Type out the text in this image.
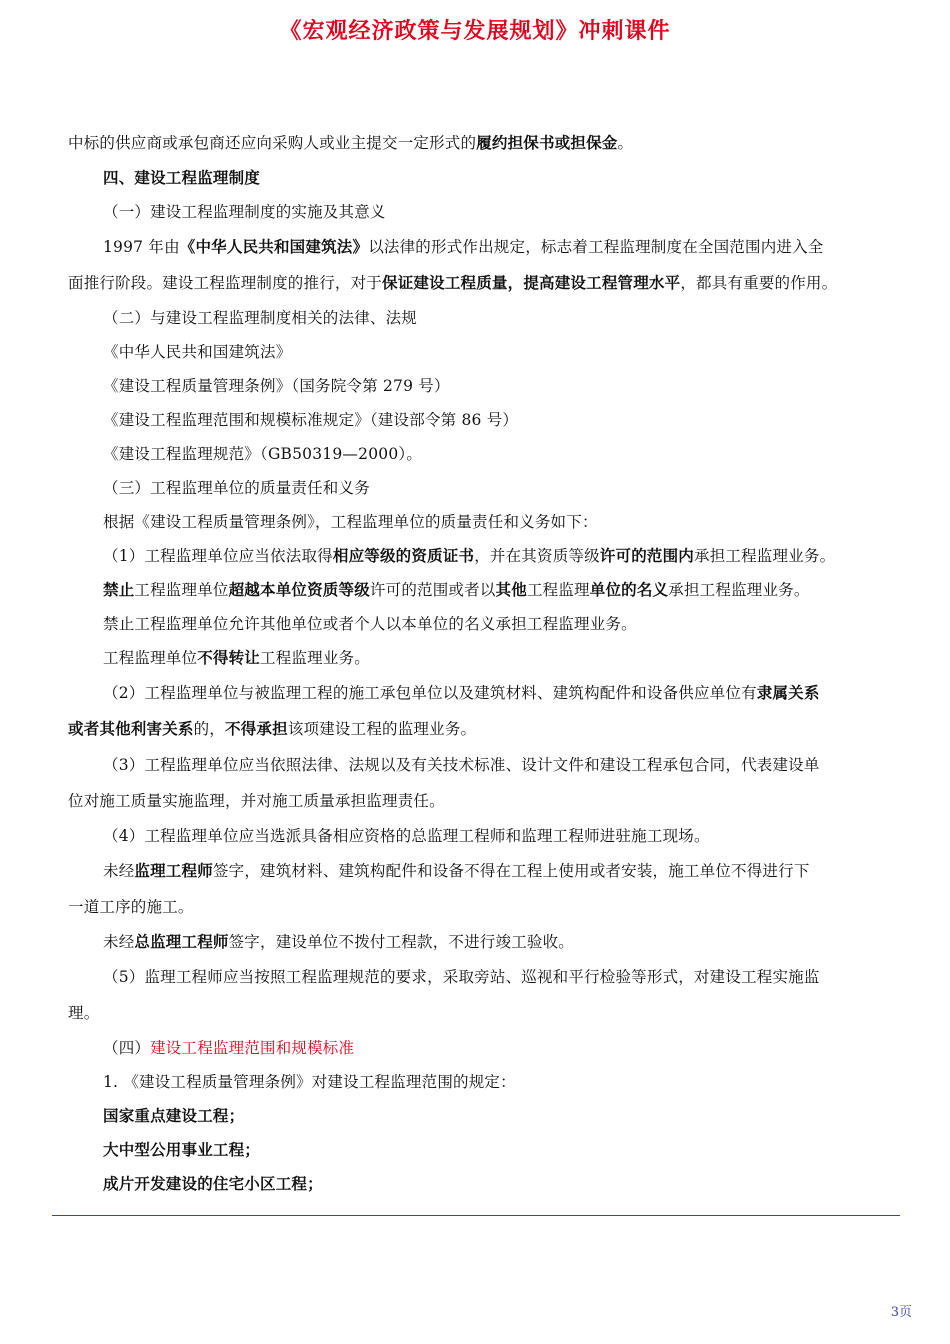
《宏观经济政策与发展规划》冲刺课件
中标的供应商或承包商还应向采购人或业主提交一定形式的履约担保书或担保金。
四、建设工程监理制度
（一）建设工程监理制度的实施及其意义
1997 年由《中华人民共和国建筑法》以法律的形式作出规定，标志着工程监理制度在全国范围内进入全
面推行阶段。建设工程监理制度的推行，对于保证建设工程质量，提高建设工程管理水平，都具有重要的作用。
（二）与建设工程监理制度相关的法律、法规
《中华人民共和国建筑法》
《建设工程质量管理条例》（国务院令第 279 号）
《建设工程监理范围和规模标准规定》（建设部令第 86 号）
《建设工程监理规范》（GB50319—2000）。
（三）工程监理单位的质量责任和义务
根据《建设工程质量管理条例》，工程监理单位的质量责任和义务如下：
（1）工程监理单位应当依法取得相应等级的资质证书，并在其资质等级许可的范围内承担工程监理业务。
禁止工程监理单位超越本单位资质等级许可的范围或者以其他工程监理单位的名义承担工程监理业务。
禁止工程监理单位允许其他单位或者个人以本单位的名义承担工程监理业务。
工程监理单位不得转让工程监理业务。
（2）工程监理单位与被监理工程的施工承包单位以及建筑材料、建筑构配件和设备供应单位有隶属关系
或者其他利害关系的，不得承担该项建设工程的监理业务。
（3）工程监理单位应当依照法律、法规以及有关技术标准、设计文件和建设工程承包合同，代表建设单
位对施工质量实施监理，并对施工质量承担监理责任。
（4）工程监理单位应当选派具备相应资格的总监理工程师和监理工程师进驻施工现场。
未经监理工程师签字，建筑材料、建筑构配件和设备不得在工程上使用或者安装，施工单位不得进行下
一道工序的施工。
未经总监理工程师签字，建设单位不拨付工程款，不进行竣工验收。
（5）监理工程师应当按照工程监理规范的要求，采取旁站、巡视和平行检验等形式，对建设工程实施监
理。
（四）建设工程监理范围和规模标准
1. 《建设工程质量管理条例》对建设工程监理范围的规定：
国家重点建设工程；
大中型公用事业工程；
成片开发建设的住宅小区工程；
3页
